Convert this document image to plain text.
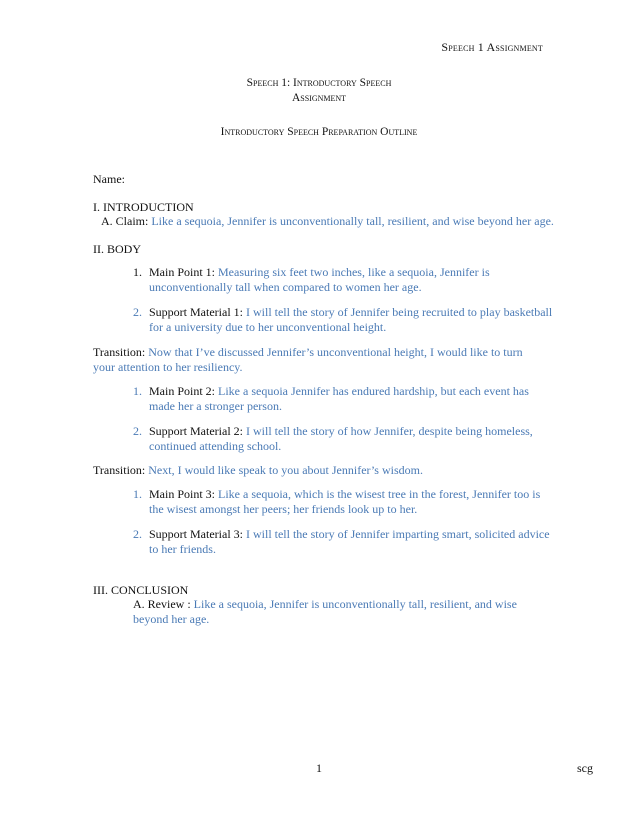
Speech 1 Assignment
Speech 1: Introductory Speech
Assignment
Introductory Speech Preparation Outline
Name:
I. INTRODUCTION
A. Claim: Like a sequoia, Jennifer is unconventionally tall, resilient, and wise beyond her age.
II. BODY
1. Main Point 1: Measuring six feet two inches, like a sequoia, Jennifer is unconventionally tall when compared to women her age.
2. Support Material 1: I will tell the story of Jennifer being recruited to play basketball for a university due to her unconventional height.
Transition: Now that I’ve discussed Jennifer’s unconventional height, I would like to turn your attention to her resiliency.
1. Main Point 2: Like a sequoia Jennifer has endured hardship, but each event has made her a stronger person.
2. Support Material 2: I will tell the story of how Jennifer, despite being homeless, continued attending school.
Transition: Next, I would like speak to you about Jennifer’s wisdom.
1. Main Point 3: Like a sequoia, which is the wisest tree in the forest, Jennifer too is the wisest amongst her peers; her friends look up to her.
2. Support Material 3: I will tell the story of Jennifer imparting smart, solicited advice to her friends.
III. CONCLUSION
A. Review : Like a sequoia, Jennifer is unconventionally tall, resilient, and wise beyond her age.
1	scg
